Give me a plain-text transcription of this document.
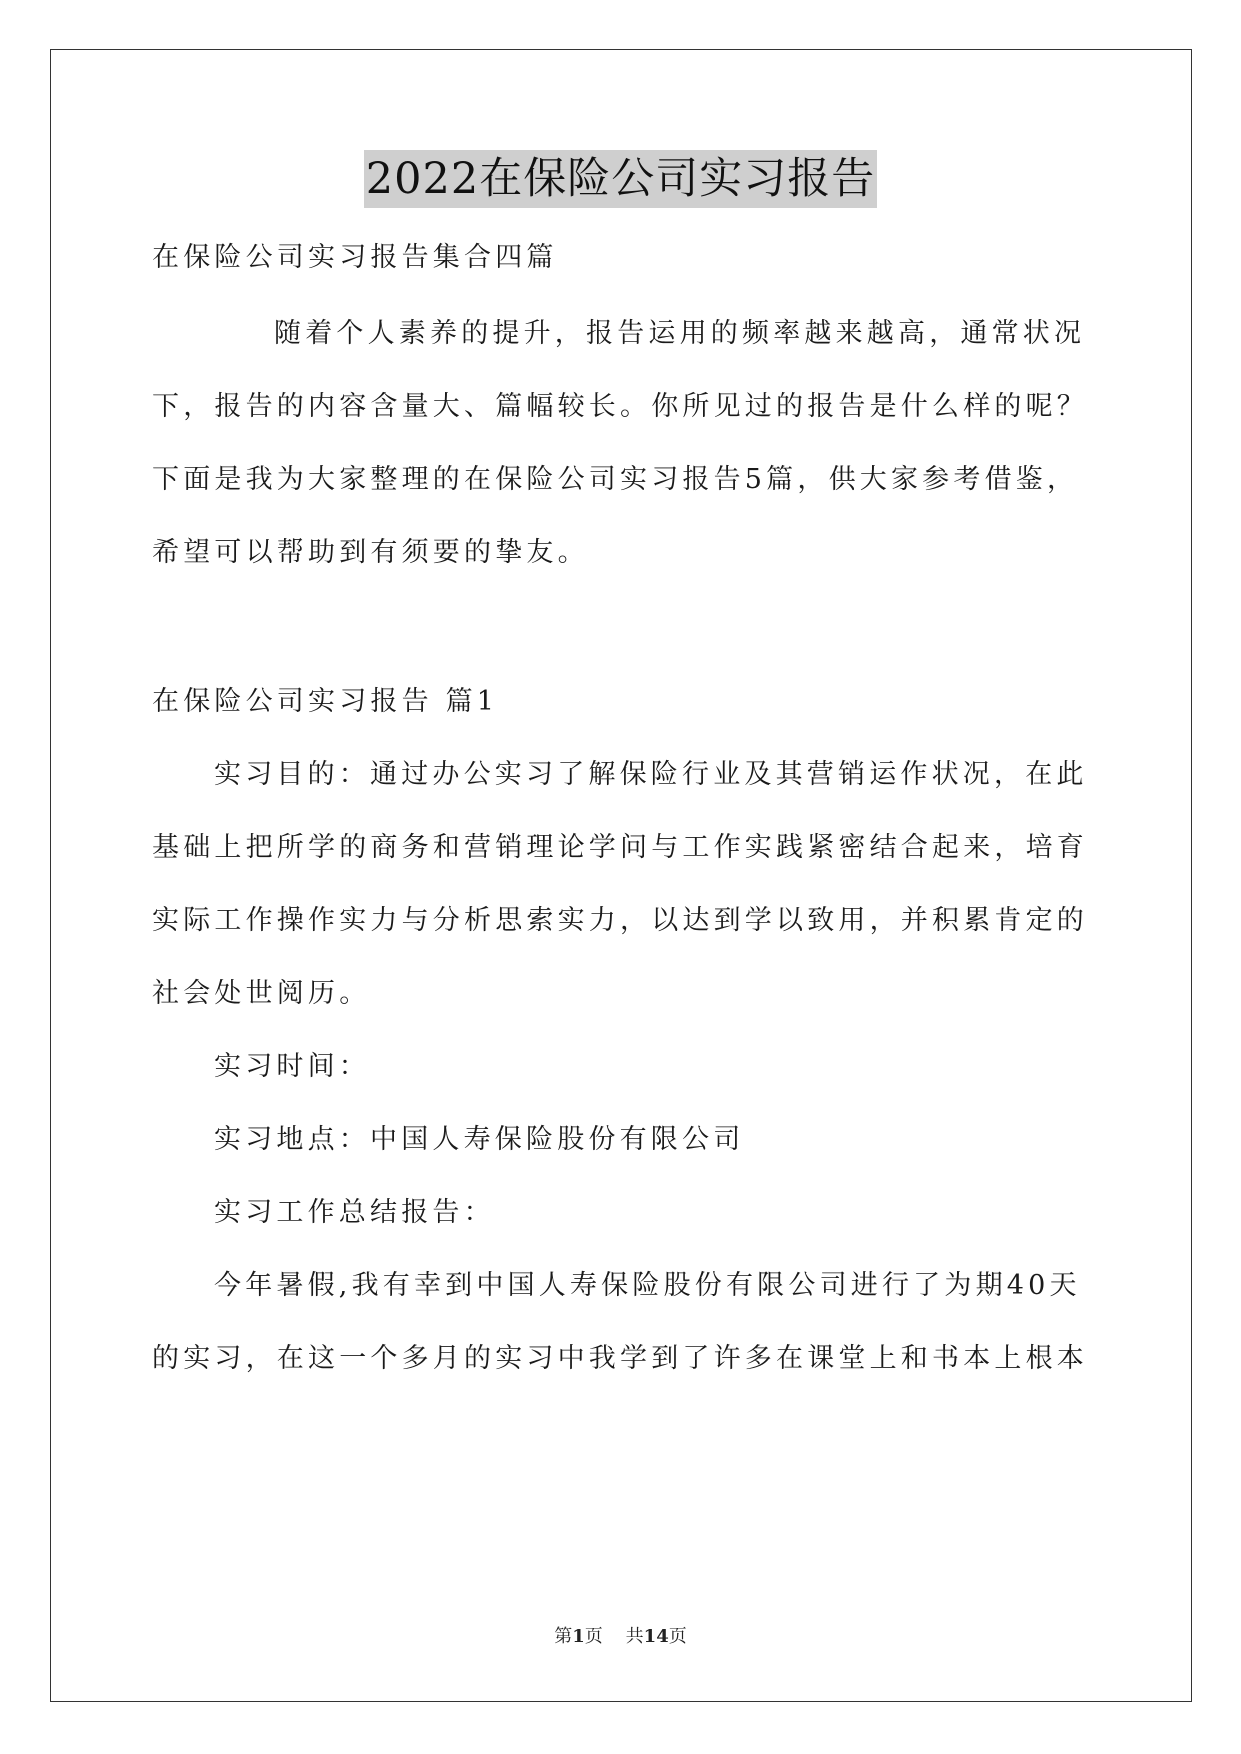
2022在保险公司实习报告
在保险公司实习报告集合四篇
随着个人素养的提升，报告运用的频率越来越高，通常状况
下，报告的内容含量大、篇幅较长。你所见过的报告是什么样的呢？
下面是我为大家整理的在保险公司实习报告5篇，供大家参考借鉴，
希望可以帮助到有须要的挚友。
在保险公司实习报告 篇1
实习目的：通过办公实习了解保险行业及其营销运作状况，在此
基础上把所学的商务和营销理论学问与工作实践紧密结合起来，培育
实际工作操作实力与分析思索实力，以达到学以致用，并积累肯定的
社会处世阅历。
实习时间：
实习地点：中国人寿保险股份有限公司
实习工作总结报告：
今年暑假,我有幸到中国人寿保险股份有限公司进行了为期40天
的实习，在这一个多月的实习中我学到了许多在课堂上和书本上根本
第1页 共14页
